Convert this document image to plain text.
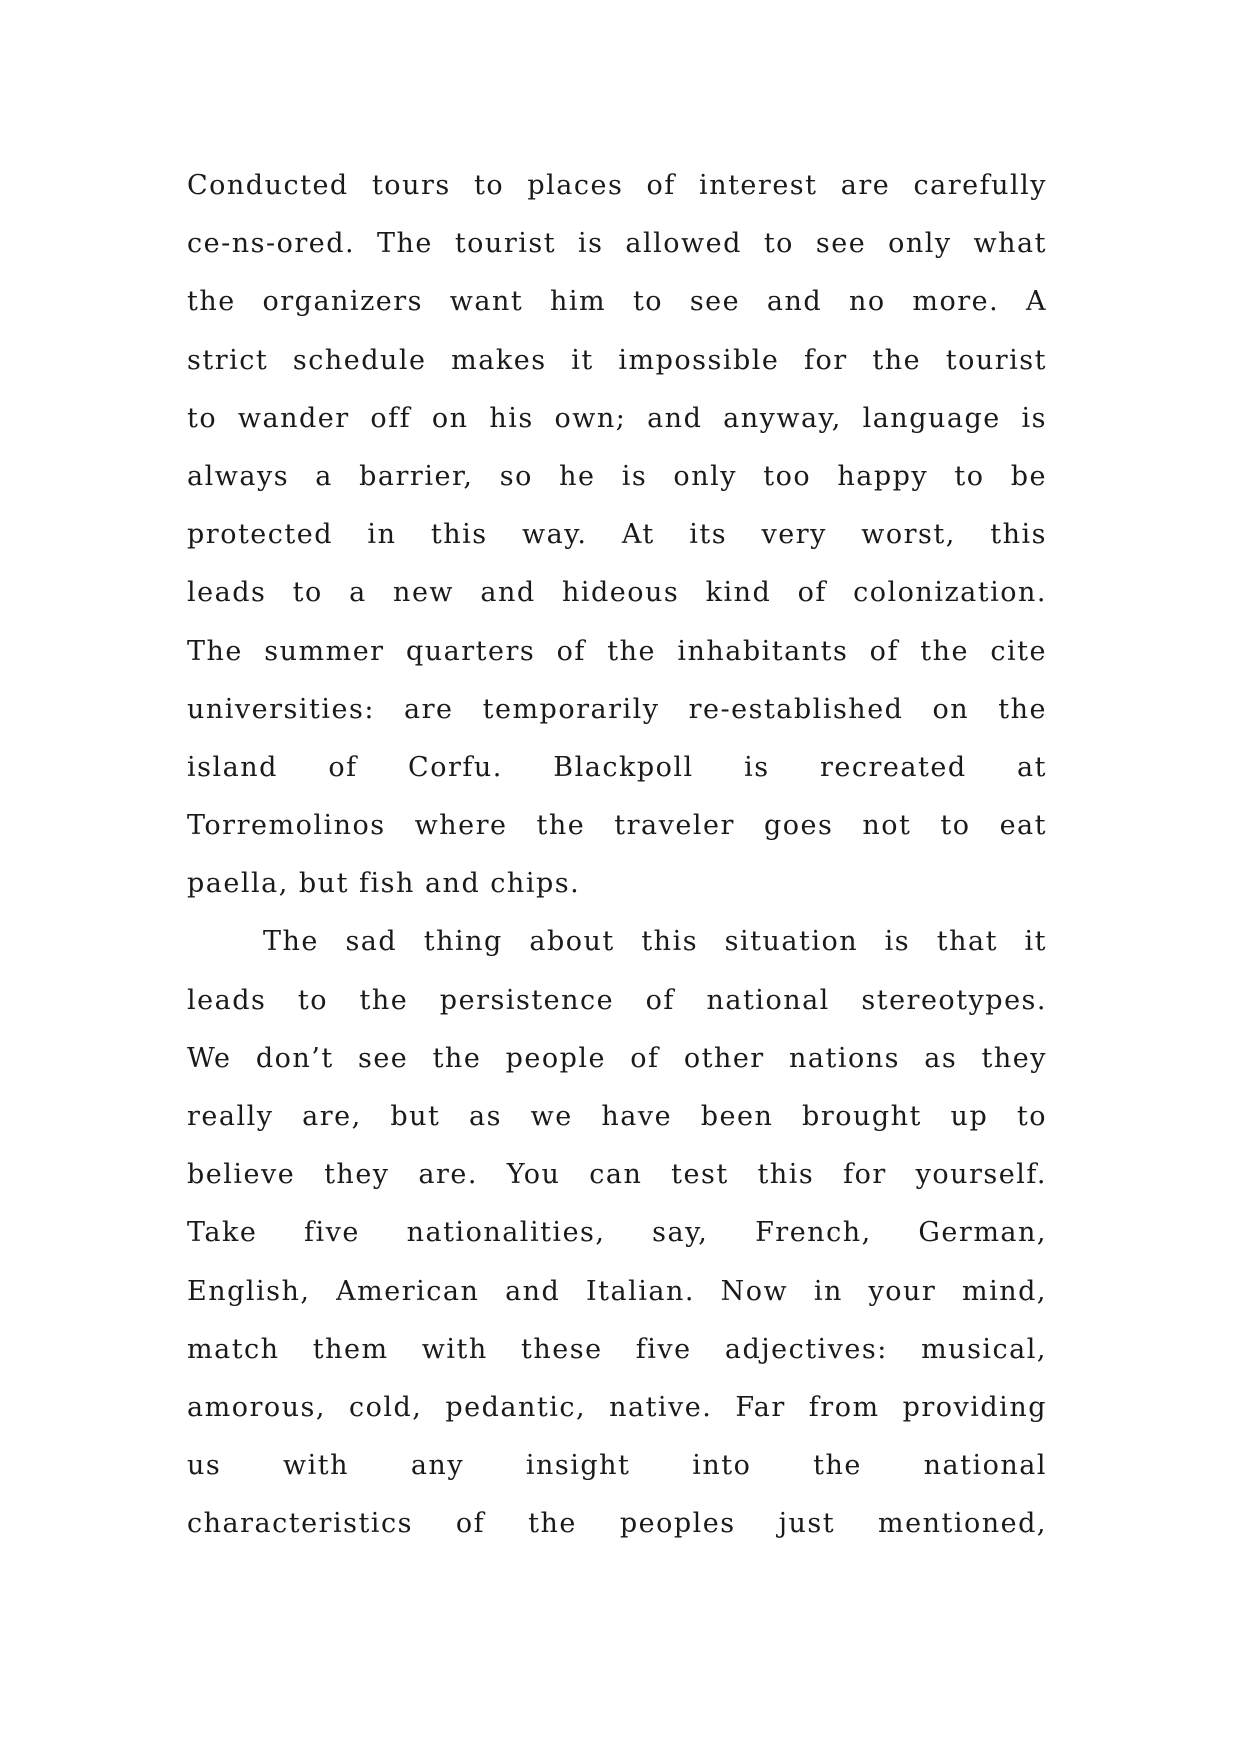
Conducted tours to places of interest are carefully
ce-ns-ored. The tourist is allowed to see only what
the organizers want him to see and no more. A
strict schedule makes it impossible for the tourist
to wander off on his own; and anyway, language is
always a barrier, so he is only too happy to be
protected in this way. At its very worst, this
leads to a new and hideous kind of colonization.
The summer quarters of the inhabitants of the cite
universities: are temporarily re-established on the
island of Corfu. Blackpoll is recreated at
Torremolinos where the traveler goes not to eat
paella, but fish and chips.
The sad thing about this situation is that it
leads to the persistence of national stereotypes.
We don’t see the people of other nations as they
really are, but as we have been brought up to
believe they are. You can test this for yourself.
Take five nationalities, say, French, German,
English, American and Italian. Now in your mind,
match them with these five adjectives: musical,
amorous, cold, pedantic, native. Far from providing
us with any insight into the national
characteristics of the peoples just mentioned,
